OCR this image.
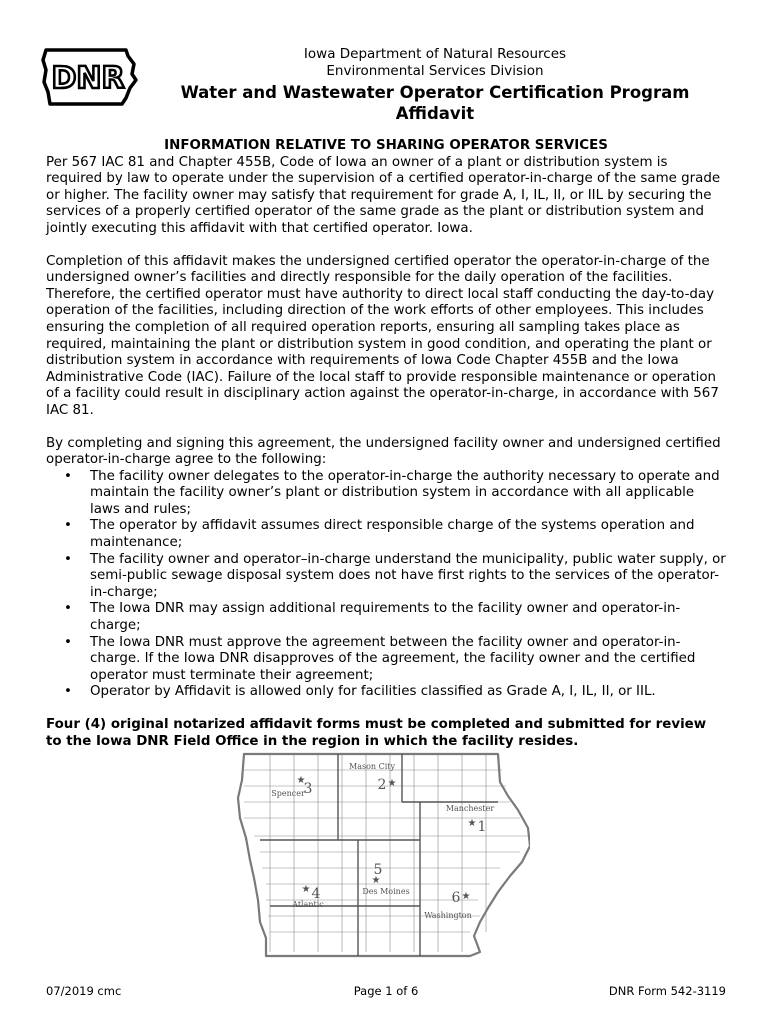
DNR
Iowa Department of Natural Resources
Environmental Services Division
Water and Wastewater Operator Certification Program
Affidavit
INFORMATION RELATIVE TO SHARING OPERATOR SERVICES

Per 567 IAC 81 and Chapter 455B, Code of Iowa an owner of a plant or distribution system is required by law to operate under the supervision of a certified operator-in-charge of the same grade or higher. The facility owner may satisfy that requirement for grade A, I, IL, II, or IIL by securing the services of a properly certified operator of the same grade as the plant or distribution system and jointly executing this affidavit with that certified operator. Iowa.

Completion of this affidavit makes the undersigned certified operator the operator-in-charge of the undersigned owner’s facilities and directly responsible for the daily operation of the facilities. Therefore, the certified operator must have authority to direct local staff conducting the day-to-day operation of the facilities, including direction of the work efforts of other employees. This includes ensuring the completion of all required operation reports, ensuring all sampling takes place as required, maintaining the plant or distribution system in good condition, and operating the plant or distribution system in accordance with requirements of Iowa Code Chapter 455B and the Iowa Administrative Code (IAC). Failure of the local staff to provide responsible maintenance or operation of a facility could result in disciplinary action against the operator-in-charge, in accordance with 567 IAC 81.

By completing and signing this agreement, the undersigned facility owner and undersigned certified operator-in-charge agree to the following:

• The facility owner delegates to the operator-in-charge the authority necessary to operate and maintain the facility owner’s plant or distribution system in accordance with all applicable laws and rules;
• The operator by affidavit assumes direct responsible charge of the systems operation and maintenance;
• The facility owner and operator–in-charge understand the municipality, public water supply, or semi-public sewage disposal system does not have first rights to the services of the operator-in-charge;
• The Iowa DNR may assign additional requirements to the facility owner and operator-in-charge;
• The Iowa DNR must approve the agreement between the facility owner and operator-in-charge. If the Iowa DNR disapproves of the agreement, the facility owner and the certified operator must terminate their agreement;
• Operator by Affidavit is allowed only for facilities classified as Grade A, I, IL, II, or IIL.

Four (4) original notarized affidavit forms must be completed and submitted for review to the Iowa DNR Field Office in the region in which the facility resides.

1
★
Manchester
2 ★
Mason City
3
★
Spencer
4
★
Atlantic
5
★
Des Moines	6 ★
Washington
07/2019 cmc	Page 1 of 6	DNR Form 542-3119
